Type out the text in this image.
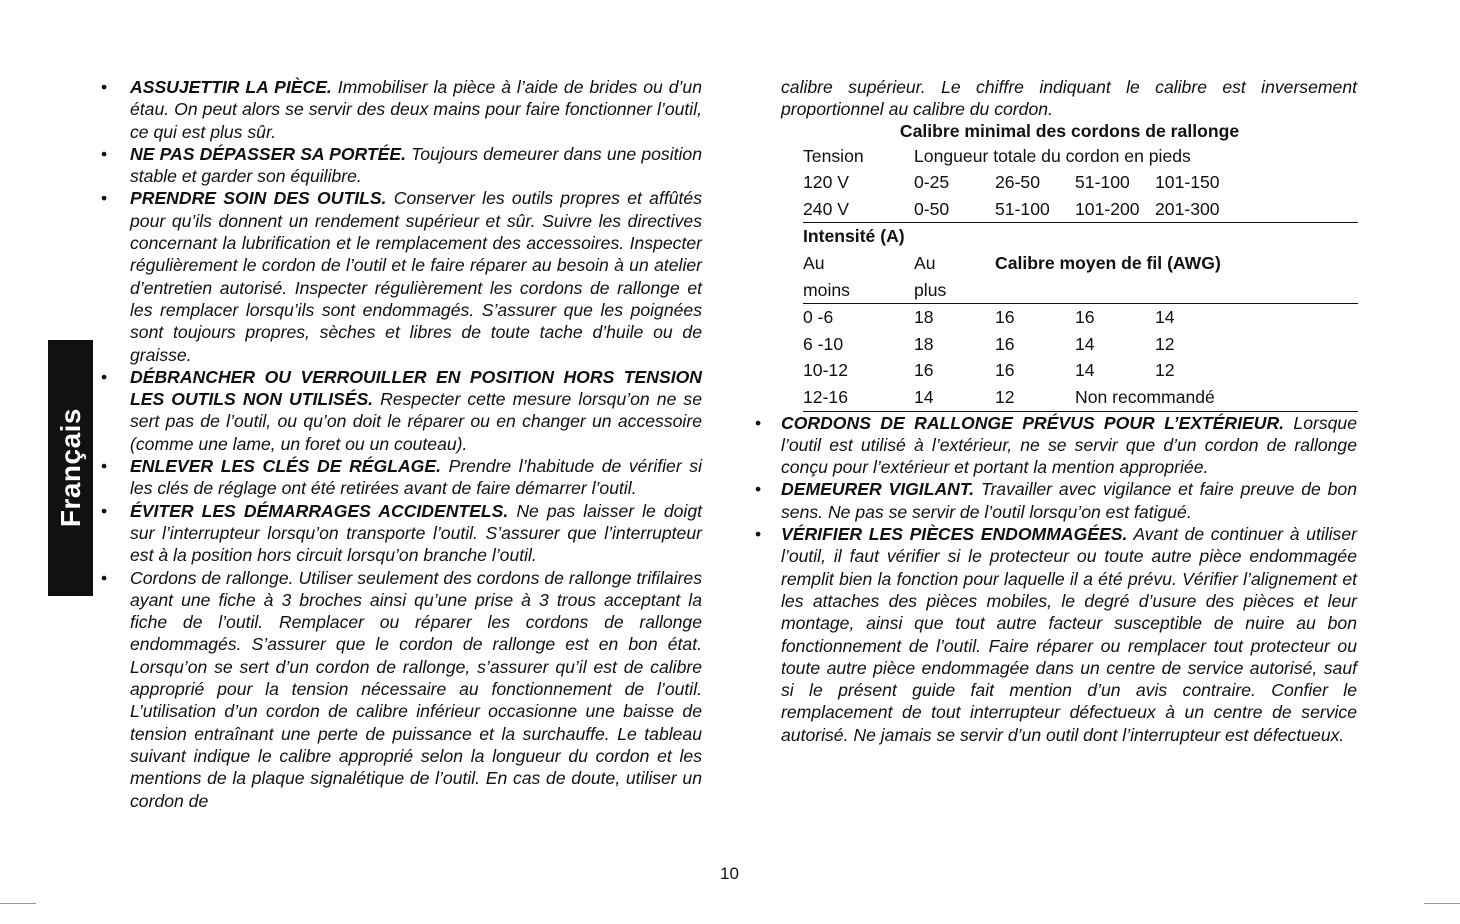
Français
• ASSUJETTIR LA PIÈCE. Immobiliser la pièce à l’aide de brides ou d’un étau. On peut alors se servir des deux mains pour faire fonctionner l’outil, ce qui est plus sûr.
• NE PAS DÉPASSER SA PORTÉE. Toujours demeurer dans une position stable et garder son équilibre.
• PRENDRE SOIN DES OUTILS. Conserver les outils propres et affûtés pour qu’ils donnent un rendement supérieur et sûr. Suivre les directives concernant la lubrification et le remplacement des accessoires. Inspecter régulièrement le cordon de l’outil et le faire réparer au besoin à un atelier d’entretien autorisé. Inspecter régulièrement les cordons de rallonge et les remplacer lorsqu’ils sont endommagés. S’assurer que les poignées sont toujours propres, sèches et libres de toute tache d’huile ou de graisse.
• DÉBRANCHER OU VERROUILLER EN POSITION HORS TENSION LES OUTILS NON UTILISÉS. Respecter cette mesure lorsqu’on ne se sert pas de l’outil, ou qu’on doit le réparer ou en changer un accessoire (comme une lame, un foret ou un couteau).
• ENLEVER LES CLÉS DE RÉGLAGE. Prendre l’habitude de vérifier si les clés de réglage ont été retirées avant de faire démarrer l’outil.
• ÉVITER LES DÉMARRAGES ACCIDENTELS. Ne pas laisser le doigt sur l’interrupteur lorsqu’on transporte l’outil. S’assurer que l’interrupteur est à la position hors circuit lorsqu’on branche l’outil.
• Cordons de rallonge. Utiliser seulement des cordons de rallonge trifilaires ayant une fiche à 3 broches ainsi qu’une prise à 3 trous acceptant la fiche de l’outil. Remplacer ou réparer les cordons de rallonge endommagés. S’assurer que le cordon de rallonge est en bon état. Lorsqu’on se sert d’un cordon de rallonge, s’assurer qu’il est de calibre approprié pour la tension nécessaire au fonctionnement de l’outil. L’utilisation d’un cordon de calibre inférieur occasionne une baisse de tension entraînant une perte de puissance et la surchauffe. Le tableau suivant indique le calibre approprié selon la longueur du cordon et les mentions de la plaque signalétique de l’outil. En cas de doute, utiliser un cordon de
calibre supérieur. Le chiffre indiquant le calibre est inversement proportionnel au calibre du cordon.
Calibre minimal des cordons de rallonge
Tension	Longueur totale du cordon en pieds
120 V	0-25	26-50	51-100	101-150
240 V	0-50	51-100	101-200 201-300
Intensité (A)
Au	Au	Calibre moyen de fil (AWG)
moins	plus
0 -6	18	16	16	14
6 -10	18	16	14	12
10-12	16	16	14	12
12-16	14	12	Non recommandé
• CORDONS DE RALLONGE PRÉVUS POUR L’EXTÉRIEUR. Lorsque l’outil est utilisé à l’extérieur, ne se servir que d’un cordon de rallonge conçu pour l’extérieur et portant la mention appropriée.
• DEMEURER VIGILANT. Travailler avec vigilance et faire preuve de bon sens. Ne pas se servir de l’outil lorsqu’on est fatigué.
• VÉRIFIER LES PIÈCES ENDOMMAGÉES. Avant de continuer à utiliser l’outil, il faut vérifier si le protecteur ou toute autre pièce endommagée remplit bien la fonction pour laquelle il a été prévu. Vérifier l’alignement et les attaches des pièces mobiles, le degré d’usure des pièces et leur montage, ainsi que tout autre facteur susceptible de nuire au bon fonctionnement de l’outil. Faire réparer ou remplacer tout protecteur ou toute autre pièce endommagée dans un centre de service autorisé, sauf si le présent guide fait mention d’un avis contraire. Confier le remplacement de tout interrupteur défectueux à un centre de service autorisé. Ne jamais se servir d’un outil dont l’interrupteur est défectueux.
10
